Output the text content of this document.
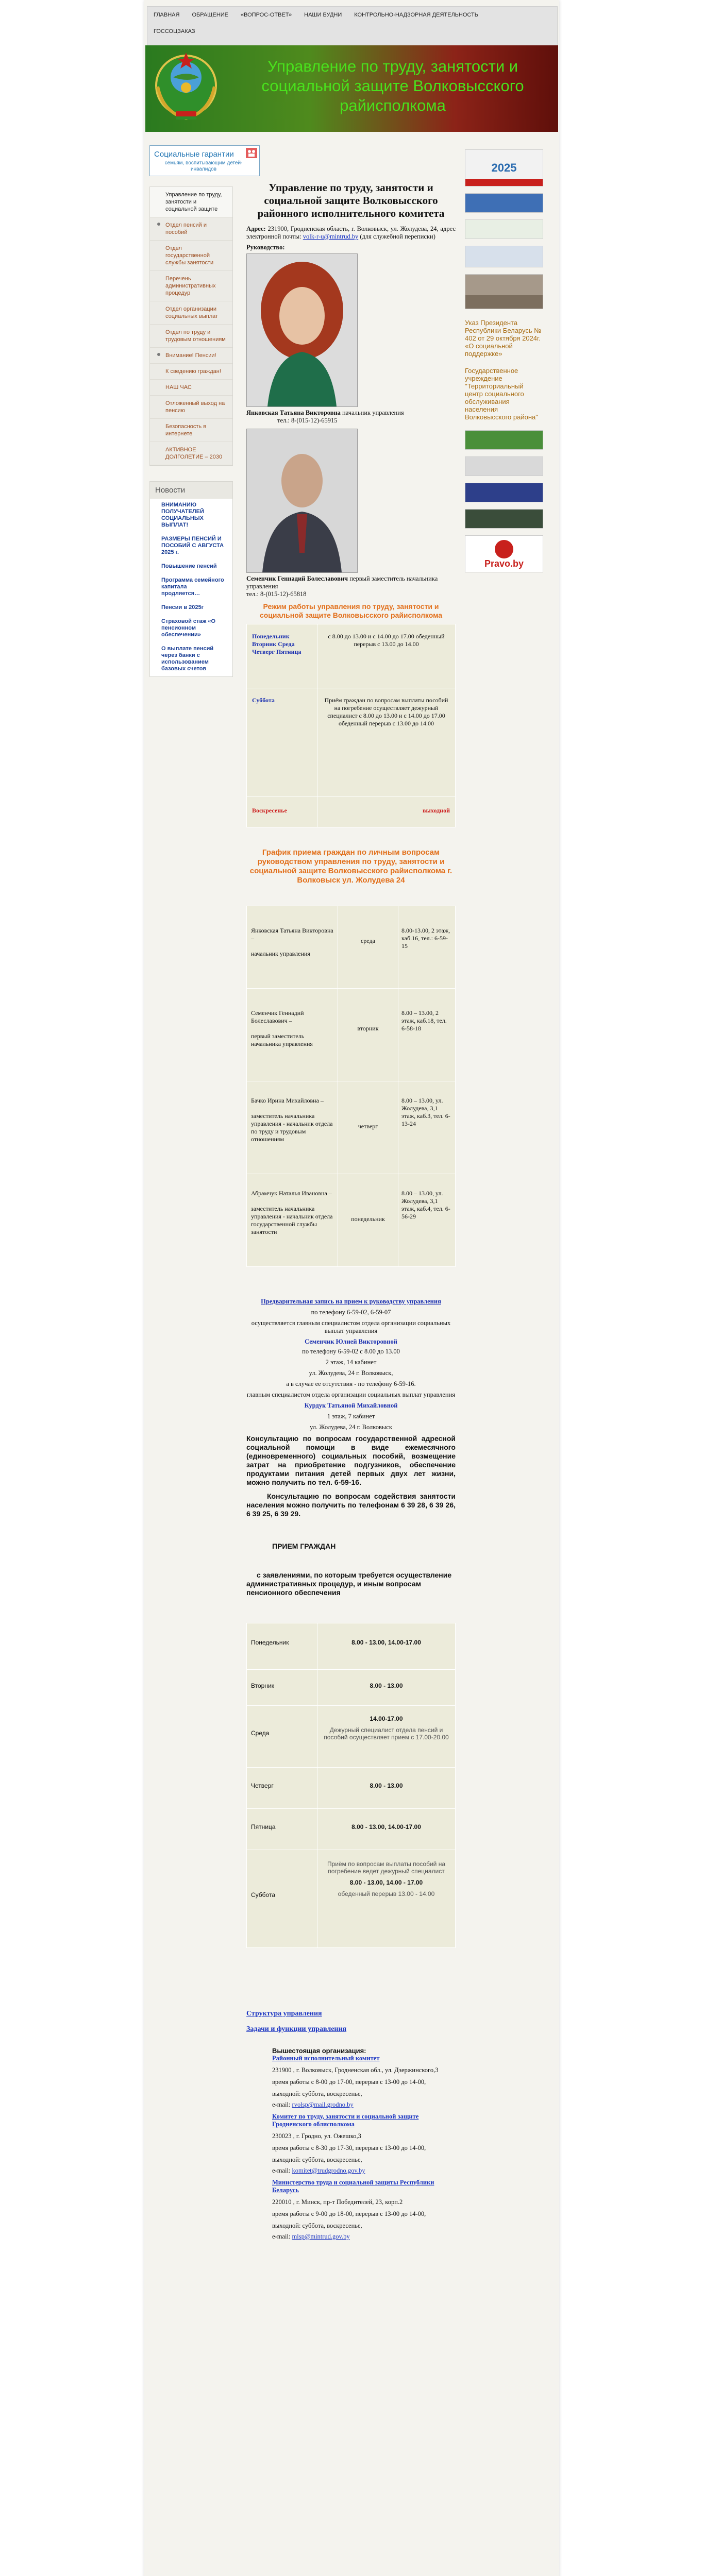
ГЛАВНАЯ	ОБРАЩЕНИЕ	«ВОПРОС-ОТВЕТ»	НАШИ БУДНИ	КОНТРОЛЬНО-НАДЗОРНАЯ ДЕЯТЕЛЬНОСТЬ
ГОССОЦЗАКАЗ
Управление по труду, занятости и социальной защите Волковысского райисполкома
Социальные гарантии
семьям, воспитывающим детей-инвалидов
Управление по труду, занятости и социальной защите
Отдел пенсий и пособий
Отдел государственной службы занятости
Перечень административных процедур
Отдел организации социальных выплат
Отдел по труду и трудовым отношениям
Внимание! Пенсии!
К сведению граждан!
НАШ ЧАС
Отложенный выход на пенсию
Безопасность в интернете
АКТИВНОЕ ДОЛГОЛЕТИЕ – 2030
Новости
ВНИМАНИЮ ПОЛУЧАТЕЛЕЙ СОЦИАЛЬНЫХ ВЫПЛАТ!
РАЗМЕРЫ ПЕНСИЙ И ПОСОБИЙ С АВГУСТА 2025 г.
Повышение пенсий
Программа семейного капитала продляется…
Пенсии в 2025г
Страховой стаж «О пенсионном обеспечении»
О выплате пенсий через банки с использованием базовых счетов
2025

Указ Президента Республики Беларусь № 402 от 29 октября 2024г. «О социальной поддержке»
Государственное учреждение "Территориальный центр социального обслуживания населения Волковысского района"

Pravo.by
Управление по труду, занятости и социальной защите Волковысского районного исполнительного комитета

Адрес: 231900, Гродненская область, г. Волковыск, ул. Жолудева, 24, адрес электронной почты: volk-r-u@mintrud.by (для служебной переписки)

Руководство:

Янковская Татьяна Викторовна начальник управления

тел.: 8-(015-12)-65915

Семенчик Геннадий Болеславович первый заместитель начальника управления

тел.: 8-(015-12)-65818

Режим работы управления по труду, занятости и социальной защите Волковысского райисполкома

Понедельник Вторник Среда Четверг Пятница	с 8.00 до 13.00 и с 14.00 до 17.00 обеденный перерыв с 13.00 до 14.00
Суббота	Приём граждан по вопросам выплаты пособий на погребение осуществляет дежурный специалист с 8.00 до 13.00 и с 14.00 до 17.00 обеденный перерыв с 13.00 до 14.00
Воскресенье	выходной

График приема граждан по личным вопросам руководством управления по труду, занятости и социальной защите Волковысского райисполкома г. Волковыск ул. Жолудева 24

Янковская Татьяна Викторовна –

начальник управления	среда	8.00-13.00, 2 этаж, каб.16, тел.: 6-59-15
Семенчик Геннадий Болеславович –

первый заместитель начальника управления	вторник	8.00 – 13.00, 2 этаж, каб.18, тел. 6-58-18
Бачко Ирина Михайловна –

заместитель начальника управления - начальник отдела по труду и трудовым отношениям	четверг	8.00 – 13.00, ул. Жолудева, 3,1 этаж, каб.3, тел. 6-13-24
Абрамчук Наталья Ивановна –

заместитель начальника управления - начальник отдела государственной службы занятости	понедельник	8.00 – 13.00, ул. Жолудева, 3,1 этаж, каб.4, тел. 6-56-29

Предварительная запись на прием к руководству управления

по телефону 6-59-02, 6-59-07

осуществляется главным специалистом отдела организации социальных выплат управления

Семенчик Юлией Викторовной

по телефону 6-59-02 с 8.00 до 13.00

2 этаж, 14 кабинет

ул. Жолудева, 24 г. Волковыск,

а в случае ее отсутствия - по телефону 6-59-16.

главным специалистом отдела организации социальных выплат управления

Курдук Татьяной Михайловной

1 этаж, 7 кабинет

ул. Жолудева, 24 г. Волковыск

Консультацию по вопросам государственной адресной социальной помощи в виде ежемесячного (единовременного) социальных пособий, возмещение затрат на приобретение подгузников, обеспечение продуктами питания детей первых двух лет жизни, можно получить по тел. 6-59-16.

Консультацию по вопросам содействия занятости населения можно получить по телефонам 6 39 28, 6 39 26, 6 39 25, 6 39 29.

ПРИЕМ ГРАЖДАН

с заявлениями, по которым требуется осуществление административных процедур, и иным вопросам пенсионного обеспечения

Понедельник	8.00 - 13.00, 14.00-17.00
Вторник	8.00 - 13.00
Среда	14.00-17.00
Дежурный специалист отдела пенсий и пособий осуществляет прием с 17.00-20.00

Четверг	8.00 - 13.00
Пятница	8.00 - 13.00, 14.00-17.00
Суббота	Приём по вопросам выплаты пособий на погребение ведет дежурный специалист
8.00 - 13.00, 14.00 - 17.00
обеденный перерыв 13.00 - 14.00

Структура управления

Задачи и функции управления

Вышестоящая организация:

Районный исполнительный комитет

231900 , г. Волковыск, Гродненская обл., ул. Дзержинского,3

время работы с 8-00 до 17-00, перерыв с 13-00 до 14-00,

выходной: суббота, воскресенье,

e-mail: rvolsp@mail.grodno.by

Комитет по труду, занятости и социальной защите Гродненского облисполкома

230023 , г. Гродно, ул. Ожешко,3

время работы с 8-30 до 17-30, перерыв с 13-00 до 14-00,

выходной: суббота, воскресенье,

e-mail: komitet@trudgrodno.gov.by

Министерство труда и социальной защиты Республики Беларусь

220010 , г. Минск, пр-т Победителей, 23, корп.2

время работы с 9-00 до 18-00, перерыв с 13-00 до 14-00,

выходной: суббота, воскресенье,

e-mail: mlsp@mintrud.gov.by
